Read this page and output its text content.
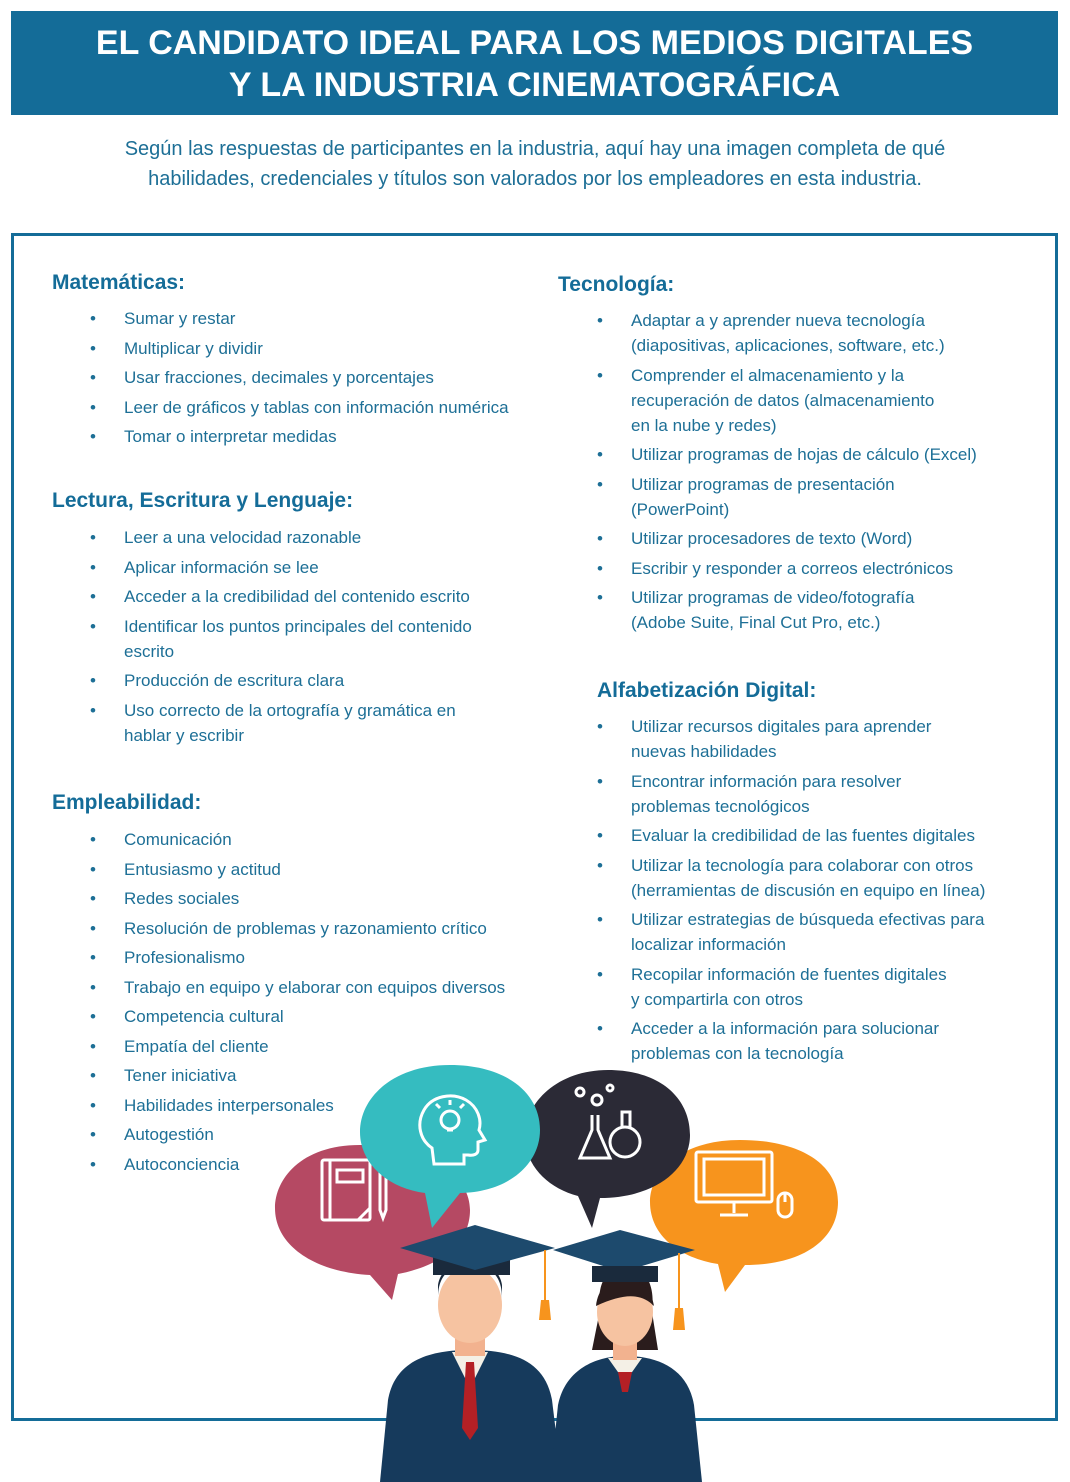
EL CANDIDATO IDEAL PARA LOS MEDIOS DIGITALES
Y LA INDUSTRIA CINEMATOGRÁFICA
Según las respuestas de participantes en la industria, aquí hay una imagen completa de qué
habilidades, credenciales y títulos son valorados por los empleadores en esta industria.
Matemáticas:
• Sumar y restar
• Multiplicar y dividir
• Usar fracciones, decimales y porcentajes
• Leer de gráficos y tablas con información numérica
• Tomar o interpretar medidas
Lectura, Escritura y Lenguaje:
• Leer a una velocidad razonable
• Aplicar información se lee
• Acceder a la credibilidad del contenido escrito
• Identificar los puntos principales del contenido
escrito
• Producción de escritura clara
• Uso correcto de la ortografía y gramática en
hablar y escribir
Empleabilidad:
• Comunicación
• Entusiasmo y actitud
• Redes sociales
• Resolución de problemas y razonamiento crítico
• Profesionalismo
• Trabajo en equipo y elaborar con equipos diversos
• Competencia cultural
• Empatía del cliente
• Tener iniciativa
• Habilidades interpersonales
• Autogestión
• Autoconciencia
Tecnología:
• Adaptar a y aprender nueva tecnología
(diapositivas, aplicaciones, software, etc.)
• Comprender el almacenamiento y la
recuperación de datos (almacenamiento
en la nube y redes)
• Utilizar programas de hojas de cálculo (Excel)
• Utilizar programas de presentación
(PowerPoint)
• Utilizar procesadores de texto (Word)
• Escribir y responder a correos electrónicos
• Utilizar programas de video/fotografía
(Adobe Suite, Final Cut Pro, etc.)
Alfabetización Digital:
• Utilizar recursos digitales para aprender
nuevas habilidades
• Encontrar información para resolver
problemas tecnológicos
• Evaluar la credibilidad de las fuentes digitales
• Utilizar la tecnología para colaborar con otros
(herramientas de discusión en equipo en línea)
• Utilizar estrategias de búsqueda efectivas para
localizar información
• Recopilar información de fuentes digitales
y compartirla con otros
• Acceder a la información para solucionar
problemas con la tecnología
